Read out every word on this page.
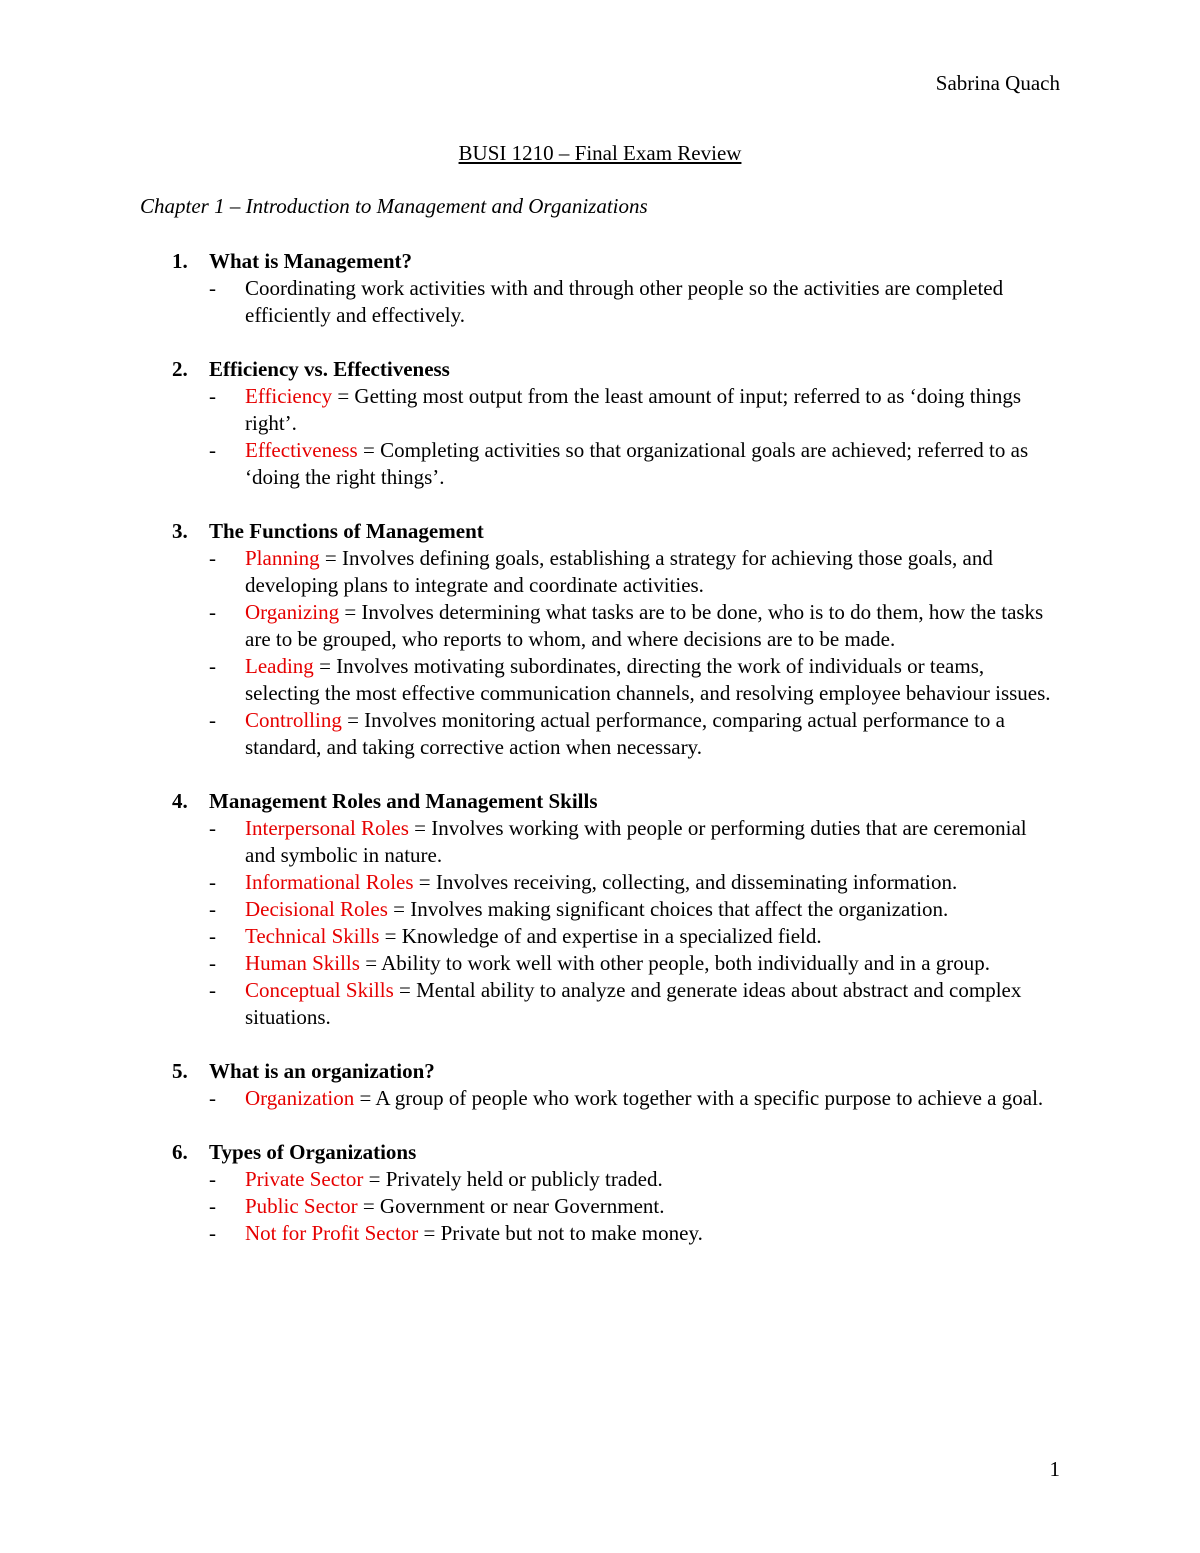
Sabrina Quach
BUSI 1210 – Final Exam Review
Chapter 1 – Introduction to Management and Organizations
1. What is Management?
- Coordinating work activities with and through other people so the activities are completed efficiently and effectively.
2. Efficiency vs. Effectiveness
- Efficiency = Getting most output from the least amount of input; referred to as ‘doing things right’.
- Effectiveness = Completing activities so that organizational goals are achieved; referred to as ‘doing the right things’.
3. The Functions of Management
- Planning = Involves defining goals, establishing a strategy for achieving those goals, and developing plans to integrate and coordinate activities.
- Organizing = Involves determining what tasks are to be done, who is to do them, how the tasks are to be grouped, who reports to whom, and where decisions are to be made.
- Leading = Involves motivating subordinates, directing the work of individuals or teams, selecting the most effective communication channels, and resolving employee behaviour issues.
- Controlling = Involves monitoring actual performance, comparing actual performance to a standard, and taking corrective action when necessary.
4. Management Roles and Management Skills
- Interpersonal Roles = Involves working with people or performing duties that are ceremonial and symbolic in nature.
- Informational Roles = Involves receiving, collecting, and disseminating information.
- Decisional Roles = Involves making significant choices that affect the organization.
- Technical Skills = Knowledge of and expertise in a specialized field.
- Human Skills = Ability to work well with other people, both individually and in a group.
- Conceptual Skills = Mental ability to analyze and generate ideas about abstract and complex situations.
5. What is an organization?
- Organization = A group of people who work together with a specific purpose to achieve a goal.
6. Types of Organizations
- Private Sector = Privately held or publicly traded.
- Public Sector = Government or near Government.
- Not for Profit Sector = Private but not to make money.
1
